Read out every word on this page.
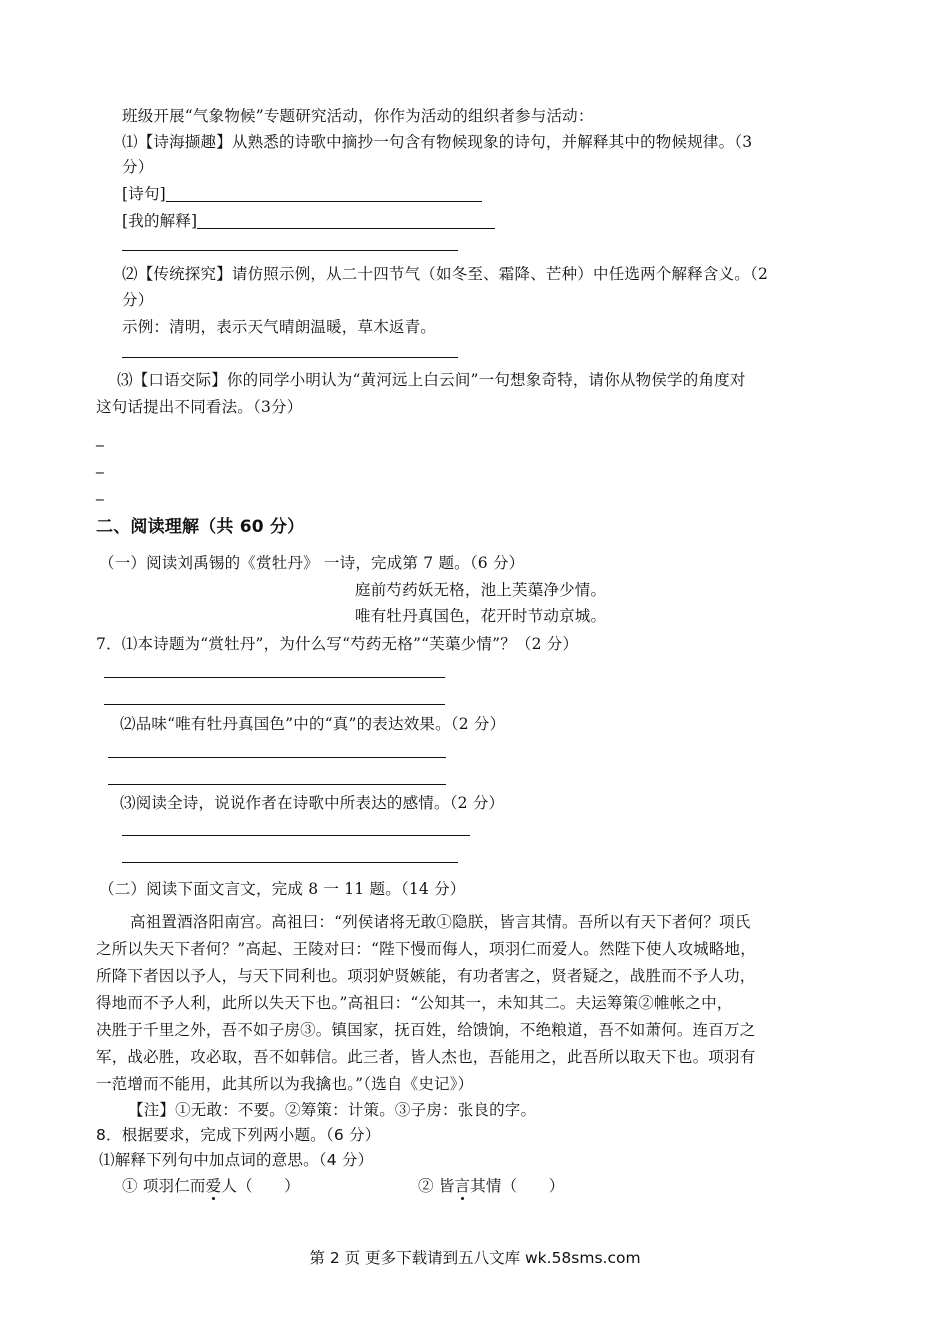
班级开展“气象物候”专题研究活动，你作为活动的组织者参与活动：
⑴【诗海撷趣】从熟悉的诗歌中摘抄一句含有物候现象的诗句，并解释其中的物候规律。（3
分）
[诗句]
[我的解释]
⑵【传统探究】请仿照示例，从二十四节气（如冬至、霜降、芒种）中任选两个解释含义。（2
分）
示例：清明，表示天气晴朗温暖，草木返青。
⑶【口语交际】你的同学小明认为“黄河远上白云间”一句想象奇特，请你从物侯学的角度对
这句话提出不同看法。（3分）
_
_
_
二、阅读理解（共 60 分）
（一）阅读刘禹锡的《赏牡丹》 一诗，完成第 7 题。（6 分）
庭前芍药妖无格，池上芙蕖净少情。
唯有牡丹真国色，花开时节动京城。
7．⑴本诗题为“赏牡丹”，为什么写“芍药无格”“芙蕖少情”？（2 分）
⑵品味“唯有牡丹真国色”中的“真”的表达效果。（2 分）
⑶阅读全诗，说说作者在诗歌中所表达的感情。（2 分）
（二）阅读下面文言文，完成 8 一 11 题。（14 分）
高祖置酒洛阳南宫。高祖曰：“列侯诸将无敢①隐朕，皆言其情。吾所以有天下者何？项氏
之所以失天下者何？”高起、王陵对曰：“陛下慢而侮人，项羽仁而爱人。然陛下使人攻城略地，
所降下者因以予人，与天下同利也。项羽妒贤嫉能，有功者害之，贤者疑之，战胜而不予人功，
得地而不予人利，此所以失天下也。”高祖曰：“公知其一，未知其二。夫运筹策②帷帐之中，
决胜于千里之外，吾不如子房③。镇国家，抚百姓，给馈饷，不绝粮道，吾不如萧何。连百万之
军，战必胜，攻必取，吾不如韩信。此三者，皆人杰也，吾能用之，此吾所以取天下也。项羽有
一范增而不能用，此其所以为我擒也。”（选自《史记》）
【注】①无敢：不要。②筹策：计策。③子房：张良的字。
8．根据要求，完成下列两小题。（6 分）
⑴解释下列句中加点词的意思。（4 分）
① 项羽仁而爱人（　　）	② 皆言其情（　　）
第 2 页 更多下载请到五八文库 wk.58sms.com
